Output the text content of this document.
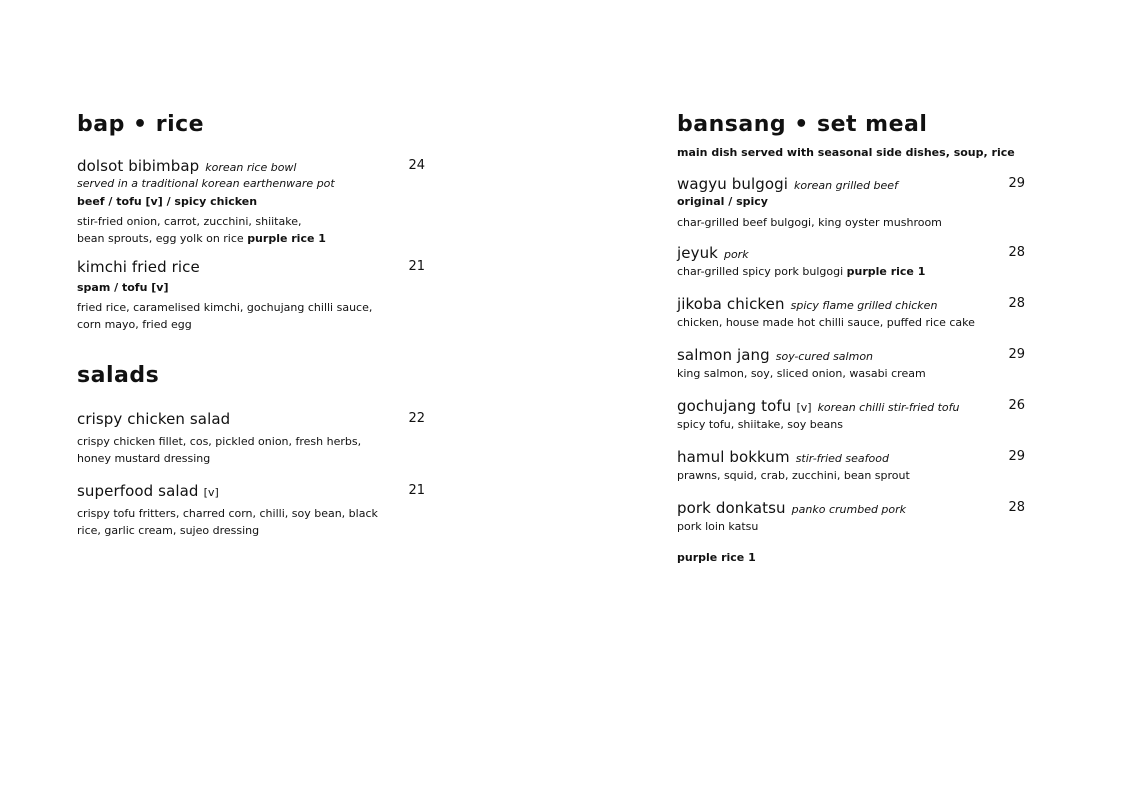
bap • rice
dolsot bibimbap korean rice bowl	24
served in a traditional korean earthenware pot
beef / tofu [v] / spicy chicken
stir-fried onion, carrot, zucchini, shiitake,
bean sprouts, egg yolk on rice purple rice 1
kimchi fried rice	21
spam / tofu [v]
fried rice, caramelised kimchi, gochujang chilli sauce,
corn mayo, fried egg
salads
crispy chicken salad	22
crispy chicken fillet, cos, pickled onion, fresh herbs,
honey mustard dressing
superfood salad [v]	21
crispy tofu fritters, charred corn, chilli, soy bean, black
rice, garlic cream, sujeo dressing
bansang • set meal
main dish served with seasonal side dishes, soup, rice
wagyu bulgogi korean grilled beef	29
original / spicy
char-grilled beef bulgogi, king oyster mushroom
jeyuk pork	28
char-grilled spicy pork bulgogi purple rice 1
jikoba chicken spicy flame grilled chicken	28
chicken, house made hot chilli sauce, puffed rice cake
salmon jang soy-cured salmon	29
king salmon, soy, sliced onion, wasabi cream
gochujang tofu [v] korean chilli stir-fried tofu	26
spicy tofu, shiitake, soy beans
hamul bokkum stir-fried seafood	29
prawns, squid, crab, zucchini, bean sprout
pork donkatsu panko crumbed pork	28
pork loin katsu
purple rice 1
